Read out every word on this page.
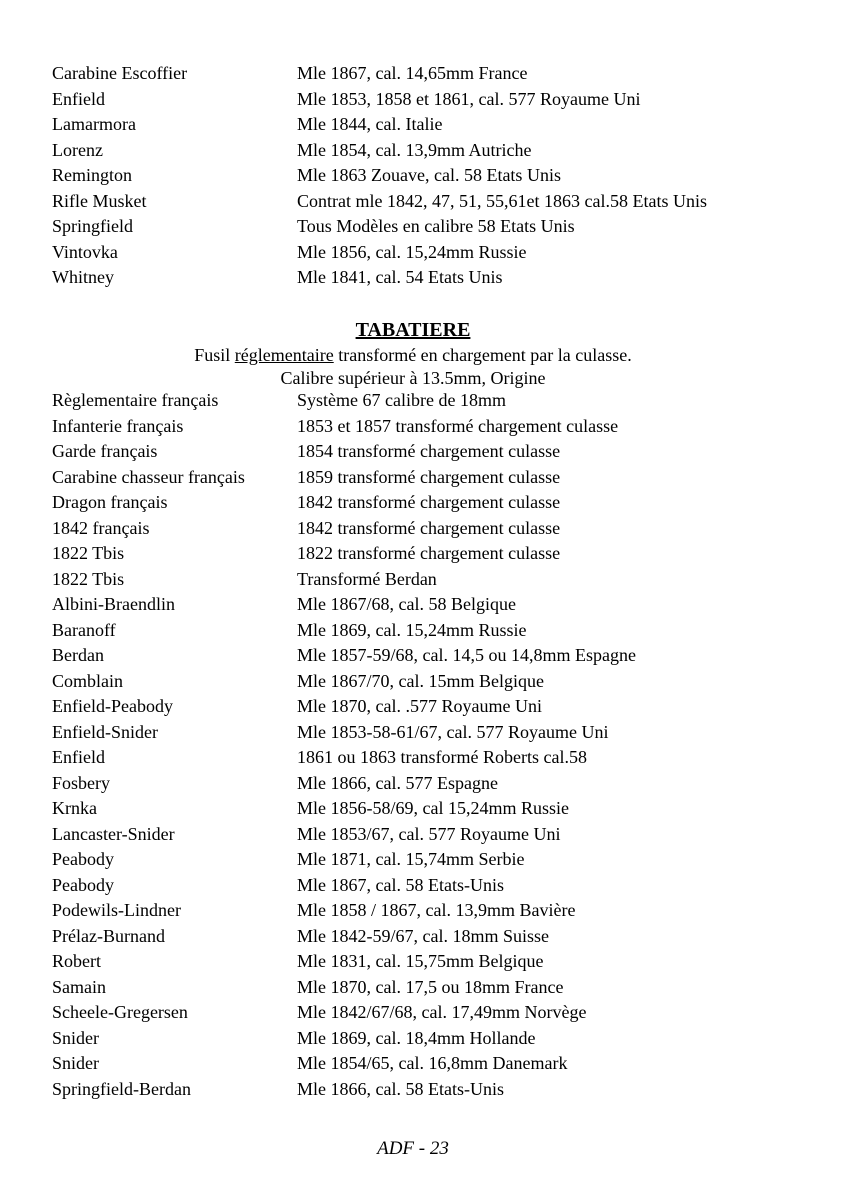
Carabine Escoffier	Mle 1867, cal. 14,65mm France
Enfield	Mle 1853, 1858 et 1861, cal. 577 Royaume Uni
Lamarmora	Mle 1844, cal. Italie
Lorenz	Mle 1854, cal. 13,9mm Autriche
Remington	Mle 1863 Zouave, cal. 58 Etats Unis
Rifle Musket	Contrat mle 1842, 47, 51, 55,61et 1863 cal.58 Etats Unis
Springfield	Tous Modèles en calibre 58 Etats Unis
Vintovka	Mle 1856, cal. 15,24mm Russie
Whitney	Mle 1841, cal. 54 Etats Unis
TABATIERE
Fusil réglementaire transformé en chargement par la culasse.
Calibre supérieur à 13.5mm, Origine
Règlementaire français	Système 67 calibre de 18mm
Infanterie français	1853 et 1857 transformé chargement culasse
Garde français	1854 transformé chargement culasse
Carabine chasseur français	1859 transformé chargement culasse
Dragon français	1842 transformé chargement culasse
1842 français	1842 transformé chargement culasse
1822 Tbis	1822 transformé chargement culasse
1822 Tbis	Transformé Berdan
Albini-Braendlin	Mle 1867/68, cal. 58 Belgique
Baranoff	Mle 1869, cal. 15,24mm Russie
Berdan	Mle 1857-59/68, cal. 14,5 ou 14,8mm Espagne
Comblain	Mle 1867/70, cal. 15mm Belgique
Enfield-Peabody	Mle 1870, cal. .577 Royaume Uni
Enfield-Snider	Mle 1853-58-61/67, cal. 577 Royaume Uni
Enfield	1861 ou 1863 transformé Roberts cal.58
Fosbery	Mle 1866, cal. 577 Espagne
Krnka	Mle 1856-58/69, cal 15,24mm Russie
Lancaster-Snider	Mle 1853/67, cal. 577 Royaume Uni
Peabody	Mle 1871, cal. 15,74mm Serbie
Peabody	Mle 1867, cal. 58 Etats-Unis
Podewils-Lindner	Mle 1858 / 1867, cal. 13,9mm Bavière
Prélaz-Burnand	Mle 1842-59/67, cal. 18mm Suisse
Robert	Mle 1831, cal. 15,75mm Belgique
Samain	Mle 1870, cal. 17,5 ou 18mm France
Scheele-Gregersen	Mle 1842/67/68, cal. 17,49mm Norvège
Snider	Mle 1869, cal. 18,4mm Hollande
Snider	Mle 1854/65, cal. 16,8mm Danemark
Springfield-Berdan	Mle 1866, cal. 58 Etats-Unis
ADF - 23
